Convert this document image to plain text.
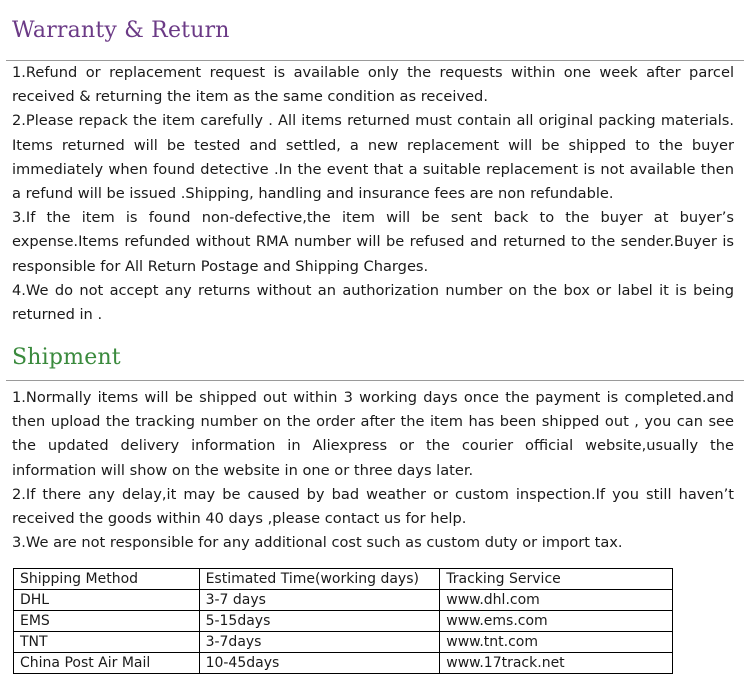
Warranty & Return
1.Refund or replacement request is available only the requests within one week after parcel received & returning the item as the same condition as received.
2.Please repack the item carefully . All items returned must contain all original packing materials. Items returned will be tested and settled, a new replacement will be shipped to the buyer immediately when found detective .In the event that a suitable replacement is not available then a refund will be issued .Shipping, handling and insurance fees are non refundable.
3.If the item is found non-defective,the item will be sent back to the buyer at buyer’s expense.Items refunded without RMA number will be refused and returned to the sender.Buyer is responsible for All Return Postage and Shipping Charges.
4.We do not accept any returns without an authorization number on the box or label it is being returned in .
Shipment
1.Normally items will be shipped out within 3 working days once the payment is completed.and then upload the tracking number on the order after the item has been shipped out , you can see the updated delivery information in Aliexpress or the courier official website,usually the information will show on the website in one or three days later.
2.If there any delay,it may be caused by bad weather or custom inspection.If you still haven’t received the goods within 40 days ,please contact us for help.
3.We are not responsible for any additional cost such as custom duty or import tax.
Shipping Method	Estimated Time(working days)	Tracking Service
DHL	3-7 days	www.dhl.com
EMS	5-15days	www.ems.com
TNT	3-7days	www.tnt.com
China Post Air Mail	10-45days	www.17track.net
